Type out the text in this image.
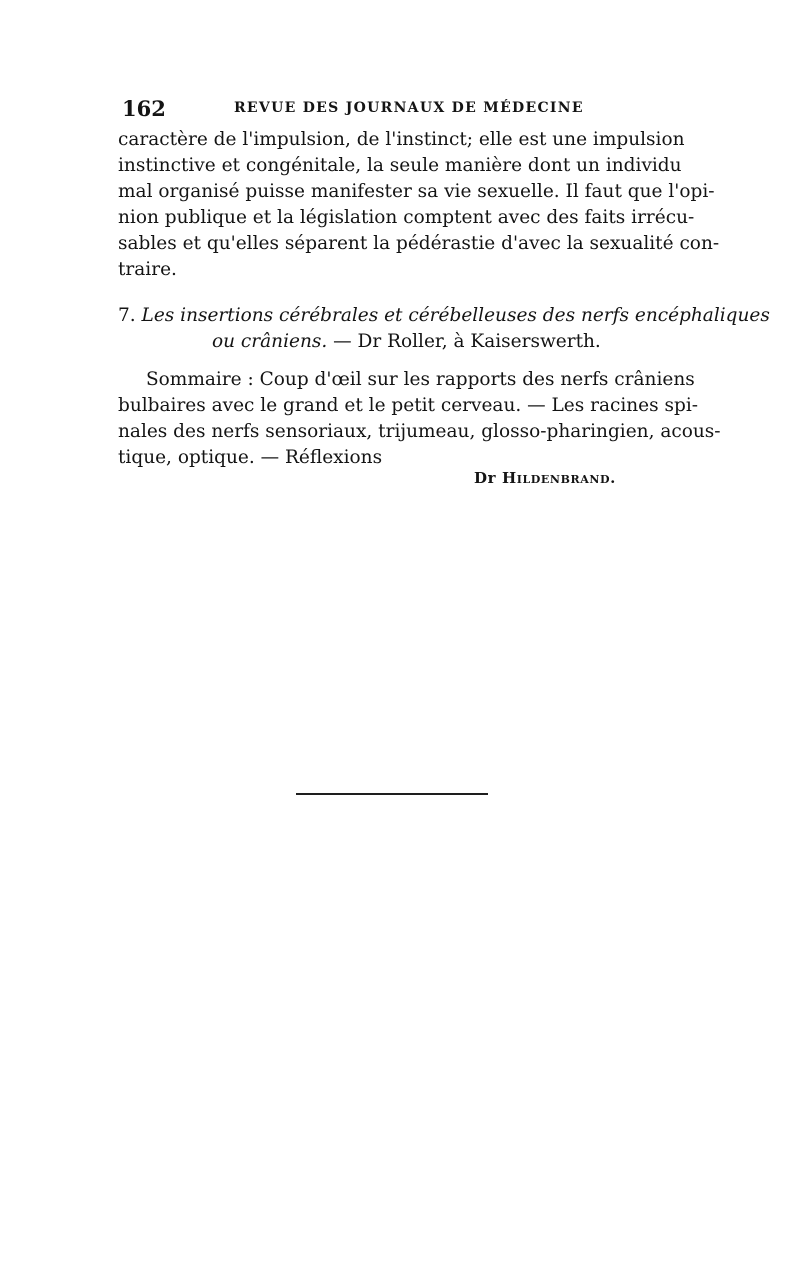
162	REVUE DES JOURNAUX DE MÉDECINE
caractère de l'impulsion, de l'instinct; elle est une impulsion
instinctive et congénitale, la seule manière dont un individu
mal organisé puisse manifester sa vie sexuelle. Il faut que l'opi-
nion publique et la législation comptent avec des faits irrécu-
sables et qu'elles séparent la pédérastie d'avec la sexualité con-
traire.
7. Les insertions cérébrales et cérébelleuses des nerfs encéphaliques
ou crâniens. — Dr Roller, à Kaiserswerth.
Sommaire : Coup d'œil sur les rapports des nerfs crâniens
bulbaires avec le grand et le petit cerveau. — Les racines spi-
nales des nerfs sensoriaux, trijumeau, glosso-pharingien, acous-
tique, optique. — Réflexions
Dr Hildenbrand.
